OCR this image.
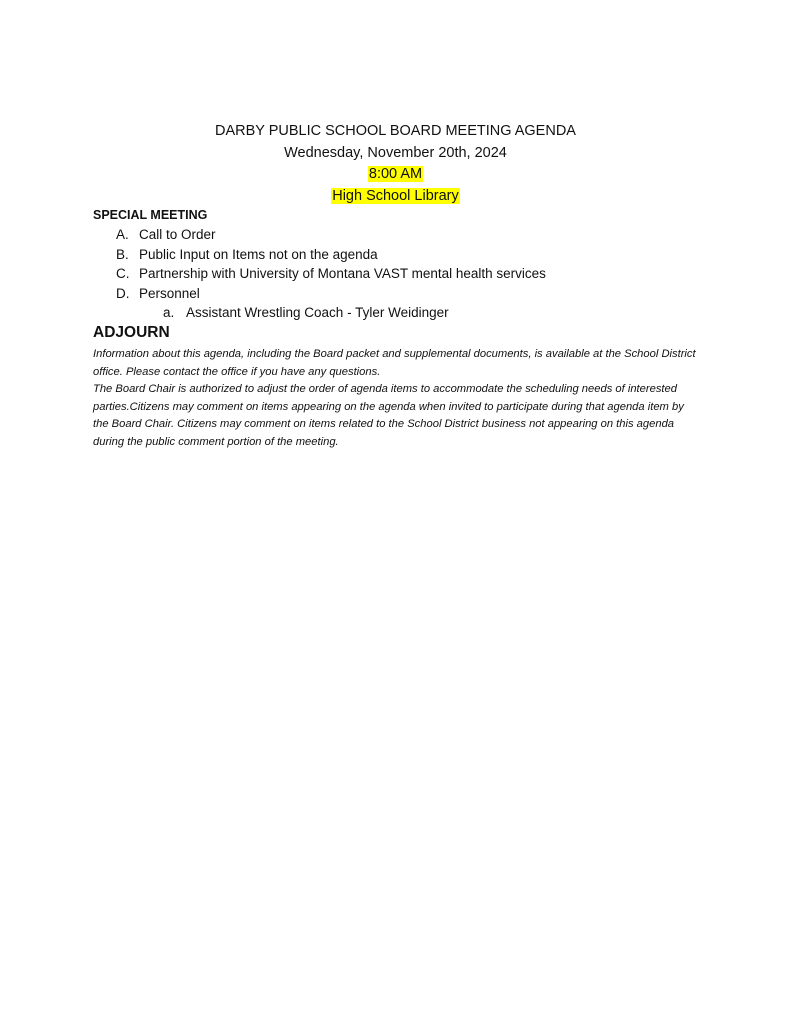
DARBY PUBLIC SCHOOL BOARD MEETING AGENDA
Wednesday, November 20th, 2024
8:00 AM
High School Library
SPECIAL MEETING
A. Call to Order
B. Public Input on Items not on the agenda
C. Partnership with University of Montana VAST mental health services
D. Personnel
a. Assistant Wrestling Coach - Tyler Weidinger
ADJOURN

Information about this agenda, including the Board packet and supplemental documents, is available at the School District office. Please contact the office if you have any questions.

The Board Chair is authorized to adjust the order of agenda items to accommodate the scheduling needs of interested parties.Citizens may comment on items appearing on the agenda when invited to participate during that agenda item by the Board Chair. Citizens may comment on items related to the School District business not appearing on this agenda during the public comment portion of the meeting.
